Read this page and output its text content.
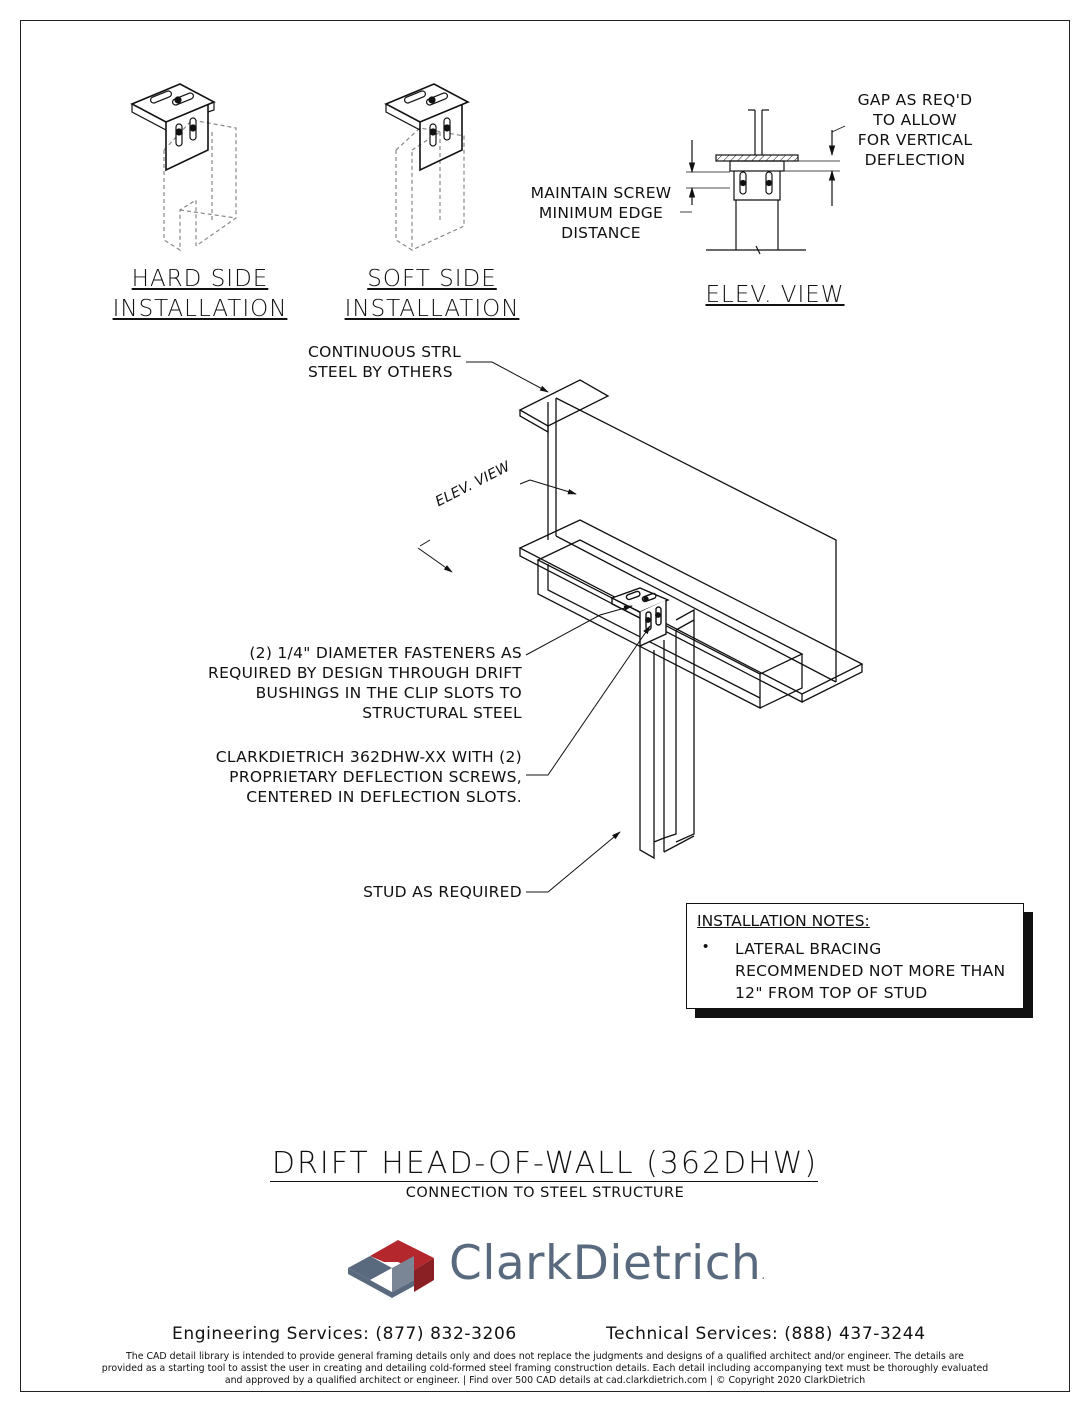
HARD SIDE
INSTALLATION
SOFT SIDE
INSTALLATION
ELEV. VIEW
GAP AS REQ'D
TO ALLOW
FOR VERTICAL
DEFLECTION
MAINTAIN SCREW
MINIMUM EDGE
DISTANCE
CONTINUOUS STRL
STEEL BY OTHERS
ELEV. VIEW
(2) 1/4" DIAMETER FASTENERS AS
REQUIRED BY DESIGN THROUGH DRIFT
BUSHINGS IN THE CLIP SLOTS TO
STRUCTURAL STEEL
CLARKDIETRICH 362DHW-XX WITH (2)
PROPRIETARY DEFLECTION SCREWS,
CENTERED IN DEFLECTION SLOTS.
STUD AS REQUIRED
INSTALLATION NOTES:
• LATERAL BRACING RECOMMENDED NOT MORE THAN 12" FROM TOP OF STUD
DRIFT HEAD-OF-WALL (362DHW)
CONNECTION TO STEEL STRUCTURE
ClarkDietrich.
Engineering Services: (877) 832-3206	Technical Services: (888) 437-3244
The CAD detail library is intended to provide general framing details only and does not replace the judgments and designs of a qualified architect and/or engineer. The details are
provided as a starting tool to assist the user in creating and detailing cold-formed steel framing construction details. Each detail including accompanying text must be thoroughly evaluated
and approved by a qualified architect or engineer. | Find over 500 CAD details at cad.clarkdietrich.com | © Copyright 2020 ClarkDietrich
